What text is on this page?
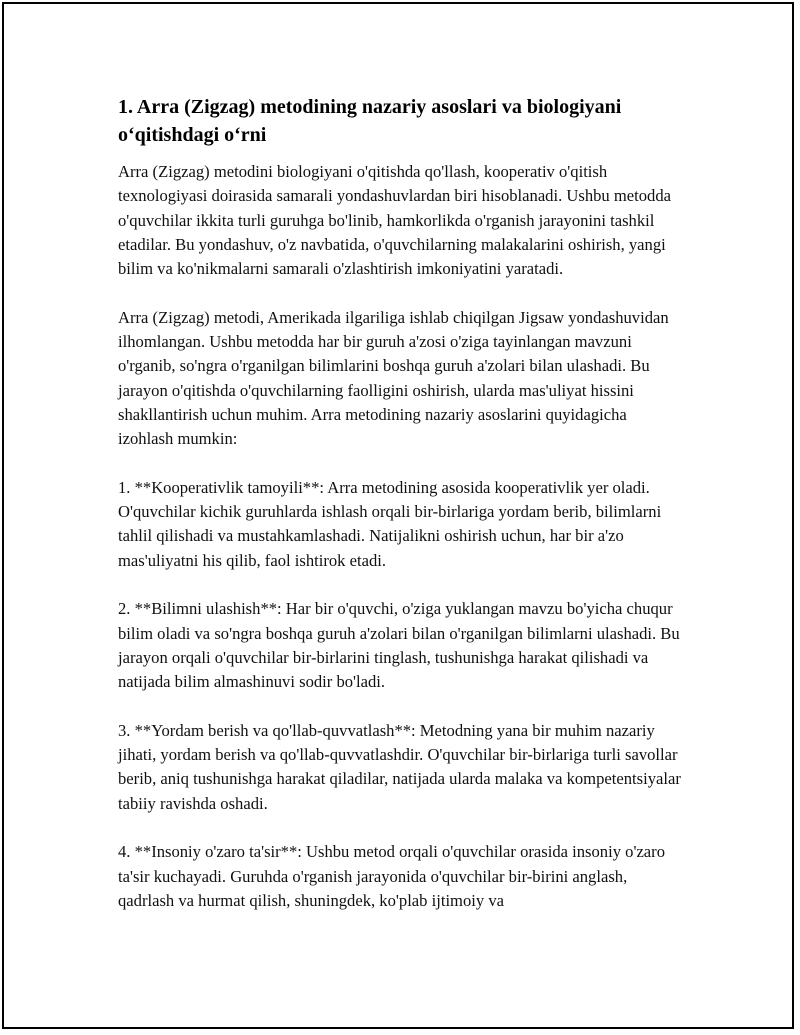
1. Arra (Zigzag) metodining nazariy asoslari va biologiyani o‘qitishdagi o‘rni

Arra (Zigzag) metodini biologiyani o'qitishda qo'llash, kooperativ o'qitish texnologiyasi doirasida samarali yondashuvlardan biri hisoblanadi. Ushbu metodda o'quvchilar ikkita turli guruhga bo'linib, hamkorlikda o'rganish jarayonini tashkil etadilar. Bu yondashuv, o'z navbatida, o'quvchilarning malakalarini oshirish, yangi bilim va ko'nikmalarni samarali o'zlashtirish imkoniyatini yaratadi.

Arra (Zigzag) metodi, Amerikada ilgariliga ishlab chiqilgan Jigsaw yondashuvidan ilhomlangan. Ushbu metodda har bir guruh a'zosi o'ziga tayinlangan mavzuni o'rganib, so'ngra o'rganilgan bilimlarini boshqa guruh a'zolari bilan ulashadi. Bu jarayon o'qitishda o'quvchilarning faolligini oshirish, ularda mas'uliyat hissini shakllantirish uchun muhim. Arra metodining nazariy asoslarini quyidagicha izohlash mumkin:

1. **Kooperativlik tamoyili**: Arra metodining asosida kooperativlik yer oladi. O'quvchilar kichik guruhlarda ishlash orqali bir-birlariga yordam berib, bilimlarni tahlil qilishadi va mustahkamlashadi. Natijalikni oshirish uchun, har bir a'zo mas'uliyatni his qilib, faol ishtirok etadi.

2. **Bilimni ulashish**: Har bir o'quvchi, o'ziga yuklangan mavzu bo'yicha chuqur bilim oladi va so'ngra boshqa guruh a'zolari bilan o'rganilgan bilimlarni ulashadi. Bu jarayon orqali o'quvchilar bir-birlarini tinglash, tushunishga harakat qilishadi va natijada bilim almashinuvi sodir bo'ladi.

3. **Yordam berish va qo'llab-quvvatlash**: Metodning yana bir muhim nazariy jihati, yordam berish va qo'llab-quvvatlashdir. O'quvchilar bir-birlariga turli savollar berib, aniq tushunishga harakat qiladilar, natijada ularda malaka va kompetentsiyalar tabiiy ravishda oshadi.

4. **Insoniy o'zaro ta'sir**: Ushbu metod orqali o'quvchilar orasida insoniy o'zaro ta'sir kuchayadi. Guruhda o'rganish jarayonida o'quvchilar bir-birini anglash, qadrlash va hurmat qilish, shuningdek, ko'plab ijtimoiy va
